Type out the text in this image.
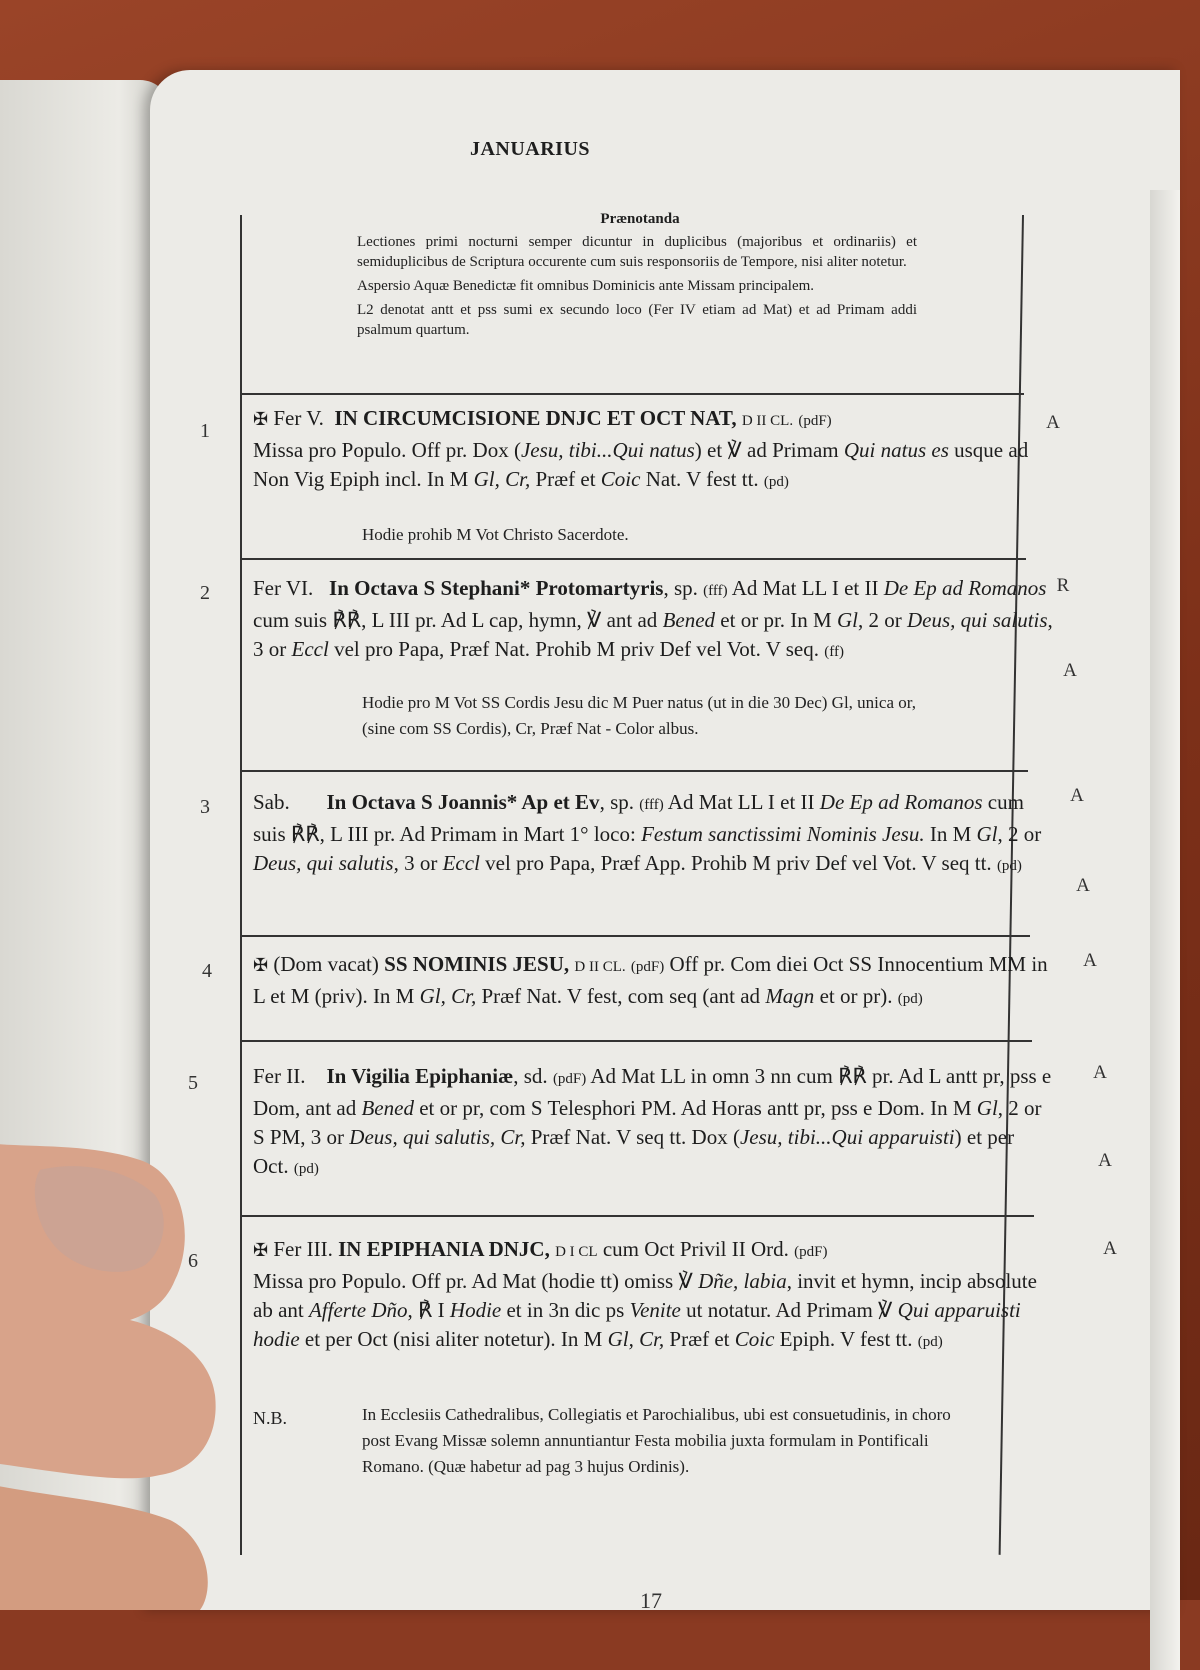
JANUARIUS
Prænotanda

Lectiones primi nocturni semper dicuntur in duplicibus (majoribus et ordinariis) et semiduplicibus de Scriptura occurente cum suis responsoriis de Tempore, nisi aliter notetur.

Aspersio Aquæ Benedictæ fit omnibus Dominicis ante Missam principalem.

L2 denotat antt et pss sumi ex secundo loco (Fer IV etiam ad Mat) et ad Primam addi psalmum quartum.

1	A
✠ Fer V. IN CIRCUMCISIONE DNJC ET OCT NAT, D II CL. (pdF)
Missa pro Populo. Off pr. Dox (Jesu, tibi...Qui natus) et ℣ ad Primam Qui natus es usque ad Non Vig Epiph incl. In M Gl, Cr, Præf et Coic Nat. V fest tt. (pd)
Hodie prohib M Vot Christo Sacerdote.
2	R
A
Fer VI. In Octava S Stephani* Protomartyris, sp. (fff) Ad Mat LL I et II De Ep ad Romanos cum suis ℟℟, L III pr. Ad L cap, hymn, ℣ ant ad Bened et or pr. In M Gl, 2 or Deus, qui salutis, 3 or Eccl vel pro Papa, Præf Nat. Prohib M priv Def vel Vot. V seq. (ff)
Hodie pro M Vot SS Cordis Jesu dic M Puer natus (ut in die 30 Dec) Gl, unica or, (sine com SS Cordis), Cr, Præf Nat - Color albus.
3
A
A
Sab. In Octava S Joannis* Ap et Ev, sp. (fff) Ad Mat LL I et II De Ep ad Romanos cum suis ℟℟, L III pr. Ad Primam in Mart 1° loco: Festum sanctissimi Nominis Jesu. In M Gl, 2 or Deus, qui salutis, 3 or Eccl vel pro Papa, Præf App. Prohib M priv Def vel Vot. V seq tt. (pd)
4	A
✠ (Dom vacat) SS NOMINIS JESU, D II CL. (pdF) Off pr. Com diei Oct SS Innocentium MM in L et M (priv). In M Gl, Cr, Præf Nat. V fest, com seq (ant ad Magn et or pr). (pd)
5	A
A
Fer II. In Vigilia Epiphaniæ, sd. (pdF) Ad Mat LL in omn 3 nn cum ℟℟ pr. Ad L antt pr, pss e Dom, ant ad Bened et or pr, com S Telesphori PM. Ad Horas antt pr, pss e Dom. In M Gl, 2 or S PM, 3 or Deus, qui salutis, Cr, Præf Nat. V seq tt. Dox (Jesu, tibi...Qui apparuisti) et per Oct. (pd)
6
A
✠ Fer III. IN EPIPHANIA DNJC, D I CL cum Oct Privil II Ord. (pdF)
Missa pro Populo. Off pr. Ad Mat (hodie tt) omiss ℣ Dñe, labia, invit et hymn, incip absolute ab ant Afferte Dño, ℟ I Hodie et in 3n dic ps Venite ut notatur. Ad Primam ℣ Qui apparuisti hodie et per Oct (nisi aliter notetur). In M Gl, Cr, Præf et Coic Epiph. V fest tt. (pd)
N.B.	In Ecclesiis Cathedralibus, Collegiatis et Parochialibus, ubi est consuetudinis, in choro post Evang Missæ solemn annuntiantur Festa mobilia juxta formulam in Pontificali Romano. (Quæ habetur ad pag 3 hujus Ordinis).
